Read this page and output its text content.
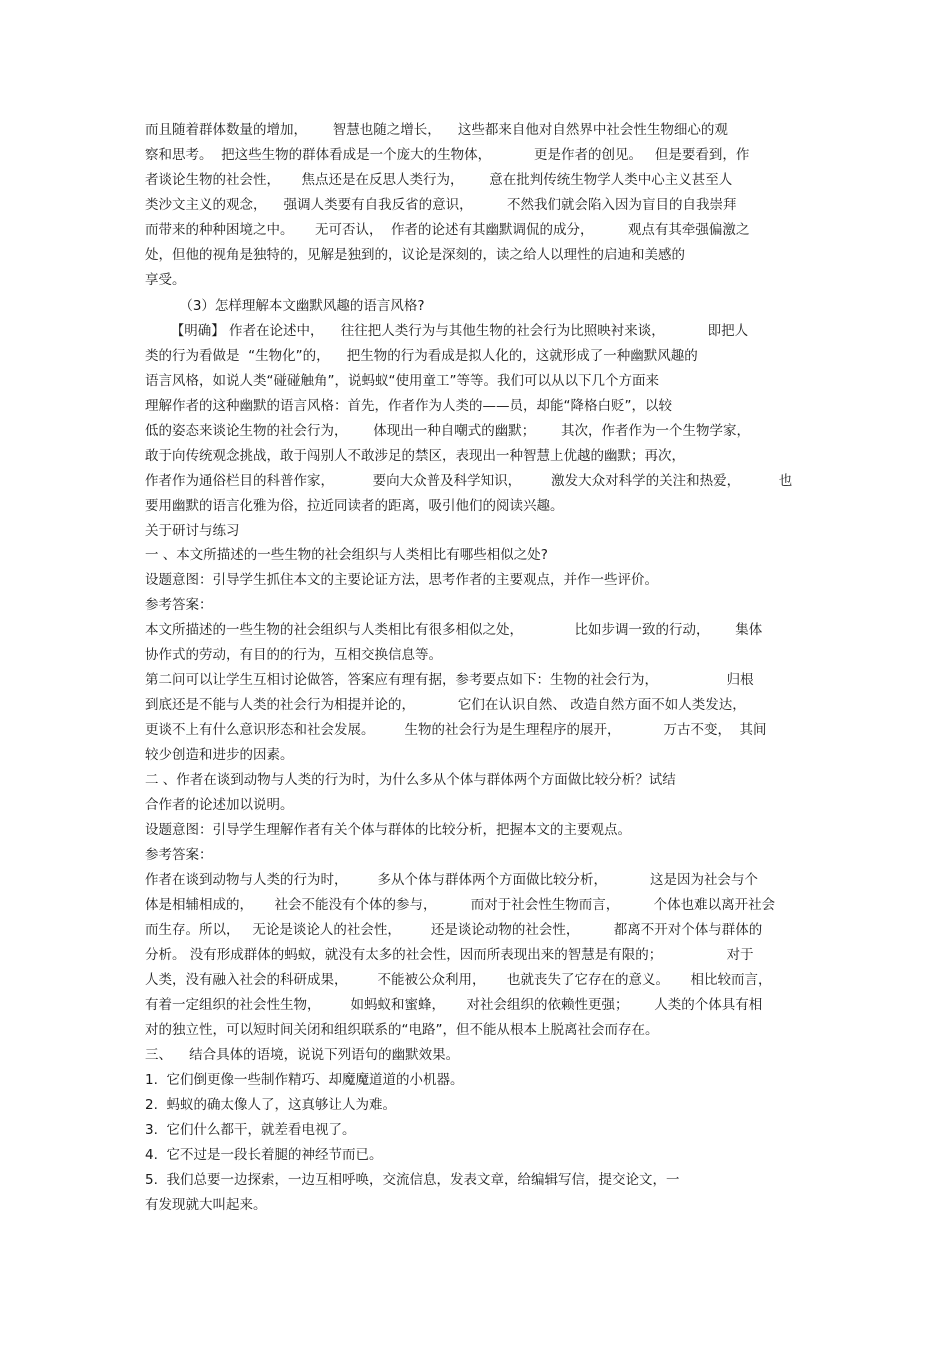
而且随着群体数量的增加，      智慧也随之增长，    这些都来自他对自然界中社会性生物细心的观
察和思考。  把这些生物的群体看成是一个庞大的生物体，          更是作者的创见。   但是要看到，作
者谈论生物的社会性，     焦点还是在反思人类行为，      意在批判传统生物学人类中心主义甚至人
类沙文主义的观念，    强调人类要有自我反省的意识，        不然我们就会陷入因为盲目的自我崇拜
而带来的种种困境之中。     无可否认，  作者的论述有其幽默调侃的成分，        观点有其牵强偏激之
处，但他的视角是独特的，见解是独到的，议论是深刻的，读之给人以理性的启迪和美感的
享受。
（3）怎样理解本文幽默风趣的语言风格?
【明确】 作者在论述中，    往往把人类行为与其他生物的社会行为比照映衬来谈，          即把人
类的行为看做是  “生物化”的，    把生物的行为看成是拟人化的，这就形成了一种幽默风趣的
语言风格，如说人类“碰碰触角”，说蚂蚁“使用童工”等等。我们可以从以下几个方面来
理解作者的这种幽默的语言风格：首先，作者作为人类的——员，却能“降格白贬”，以较
低的姿态来谈论生物的社会行为，      体现出一种自嘲式的幽默；      其次，作者作为一个生物学家，
敢于向传统观念挑战，敢于闯别人不敢涉足的禁区，表现出一种智慧上优越的幽默；再次，
作者作为通俗栏目的科普作家，         要向大众普及科学知识，       激发大众对科学的关注和热爱，         也
要用幽默的语言化雅为俗，拉近同读者的距离，吸引他们的阅读兴趣。
关于研讨与练习
一 、本文所描述的一些生物的社会组织与人类相比有哪些相似之处?
设题意图：引导学生抓住本文的主要论证方法，思考作者的主要观点，并作一些评价。
参考答案：
本文所描述的一些生物的社会组织与人类相比有很多相似之处，            比如步调一致的行动，      集体
协作式的劳动，有目的的行为，互相交换信息等。
第二问可以让学生互相讨论做答，答案应有理有据，参考要点如下：生物的社会行为，                归根
到底还是不能与人类的社会行为相提并论的，          它们在认识自然、 改造自然方面不如人类发达，
更谈不上有什么意识形态和社会发展。       生物的社会行为是生理程序的展开，          万古不变，  其间
较少创造和进步的因素。
二 、作者在谈到动物与人类的行为时，为什么多从个体与群体两个方面做比较分析？试结
合作者的论述加以说明。
设题意图：引导学生理解作者有关个体与群体的比较分析，把握本文的主要观点。
参考答案：
作者在谈到动物与人类的行为时，       多从个体与群体两个方面做比较分析，          这是因为社会与个
体是相辅相成的，     社会不能没有个体的参与，        而对于社会性生物而言，        个体也难以离开社会
而生存。所以，   无论是谈论人的社会性，       还是谈论动物的社会性，        都离不开对个体与群体的
分析。 没有形成群体的蚂蚁，就没有太多的社会性，因而所表现出来的智慧是有限的；               对于
人类，没有融入社会的科研成果，       不能被公众利用，     也就丧失了它存在的意义。     相比较而言，
有着一定组织的社会性生物，       如蚂蚁和蜜蜂，     对社会组织的依赖性更强；      人类的个体具有相
对的独立性，可以短时间关闭和组织联系的“电路”，但不能从根本上脱离社会而存在。
三、    结合具体的语境，说说下列语句的幽默效果。
1.  它们倒更像一些制作精巧、却魔魔道道的小机器。
2.  蚂蚁的确太像人了，这真够让人为难。
3.  它们什么都干，就差看电视了。
4.  它不过是一段长着腿的神经节而已。
5.  我们总要一边探索，一边互相呼唤，交流信息，发表文章，给编辑写信，提交论文，一
有发现就大叫起来。
